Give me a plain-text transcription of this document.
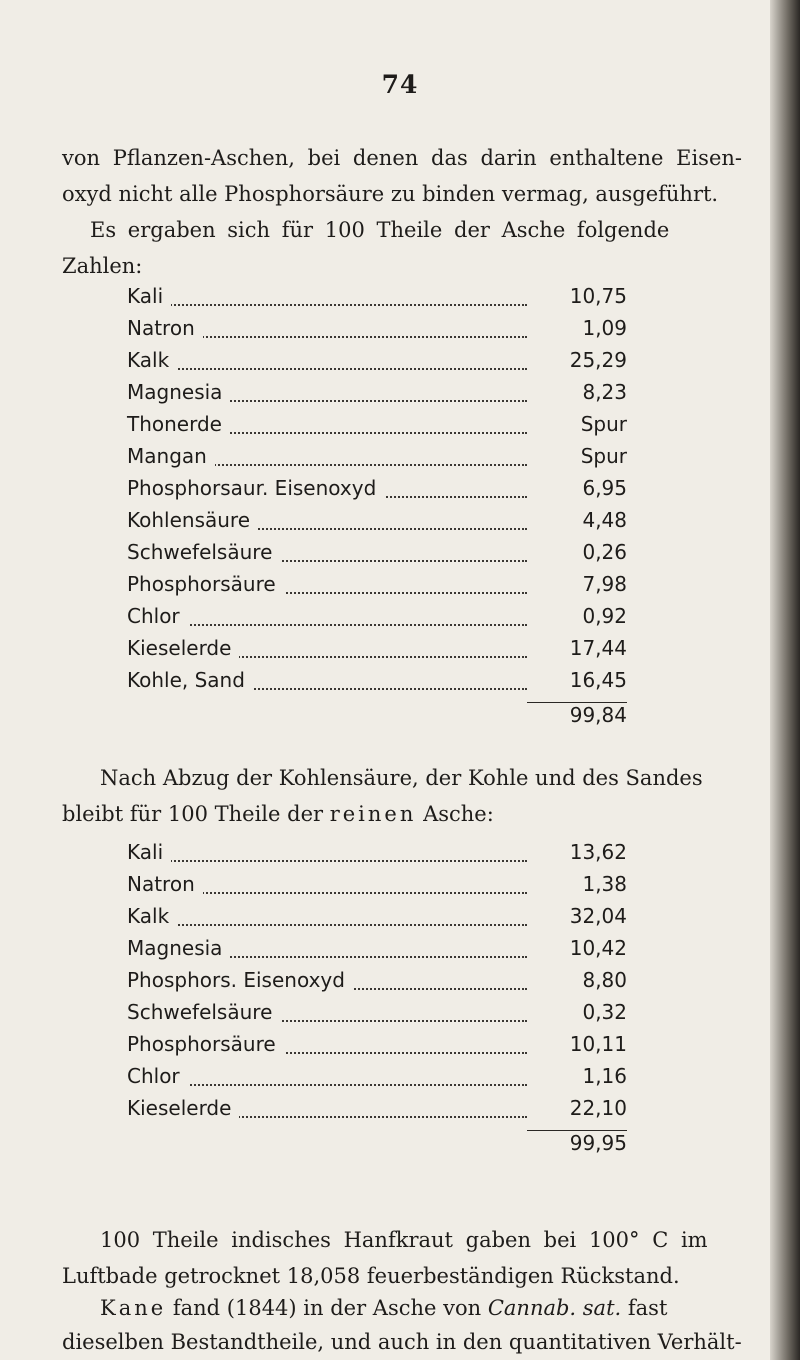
74
von Pflanzen-Aschen, bei denen das darin enthaltene Eisen-
oxyd nicht alle Phosphorsäure zu binden vermag, ausgeführt.
Es ergaben sich für 100 Theile der Asche folgende
Zahlen:
Kali	10,75
Natron	1,09
Kalk	25,29
Magnesia	8,23
Thonerde	Spur
Mangan	Spur
Phosphorsaur. Eisenoxyd	6,95
Kohlensäure	4,48
Schwefelsäure	0,26
Phosphorsäure	7,98
Chlor	0,92
Kieselerde	17,44
Kohle, Sand	16,45
99,84
Nach Abzug der Kohlensäure, der Kohle und des Sandes
bleibt für 100 Theile der reinen Asche:
Kali	13,62
Natron	1,38
Kalk	32,04
Magnesia	10,42
Phosphors. Eisenoxyd	8,80
Schwefelsäure	0,32
Phosphorsäure	10,11
Chlor	1,16
Kieselerde	22,10
99,95
100 Theile indisches Hanfkraut gaben bei 100° C im
Luftbade getrocknet 18,058 feuerbeständigen Rückstand.
Kane fand (1844) in der Asche von Cannab. sat. fast
dieselben Bestandtheile, und auch in den quantitativen Verhält-
